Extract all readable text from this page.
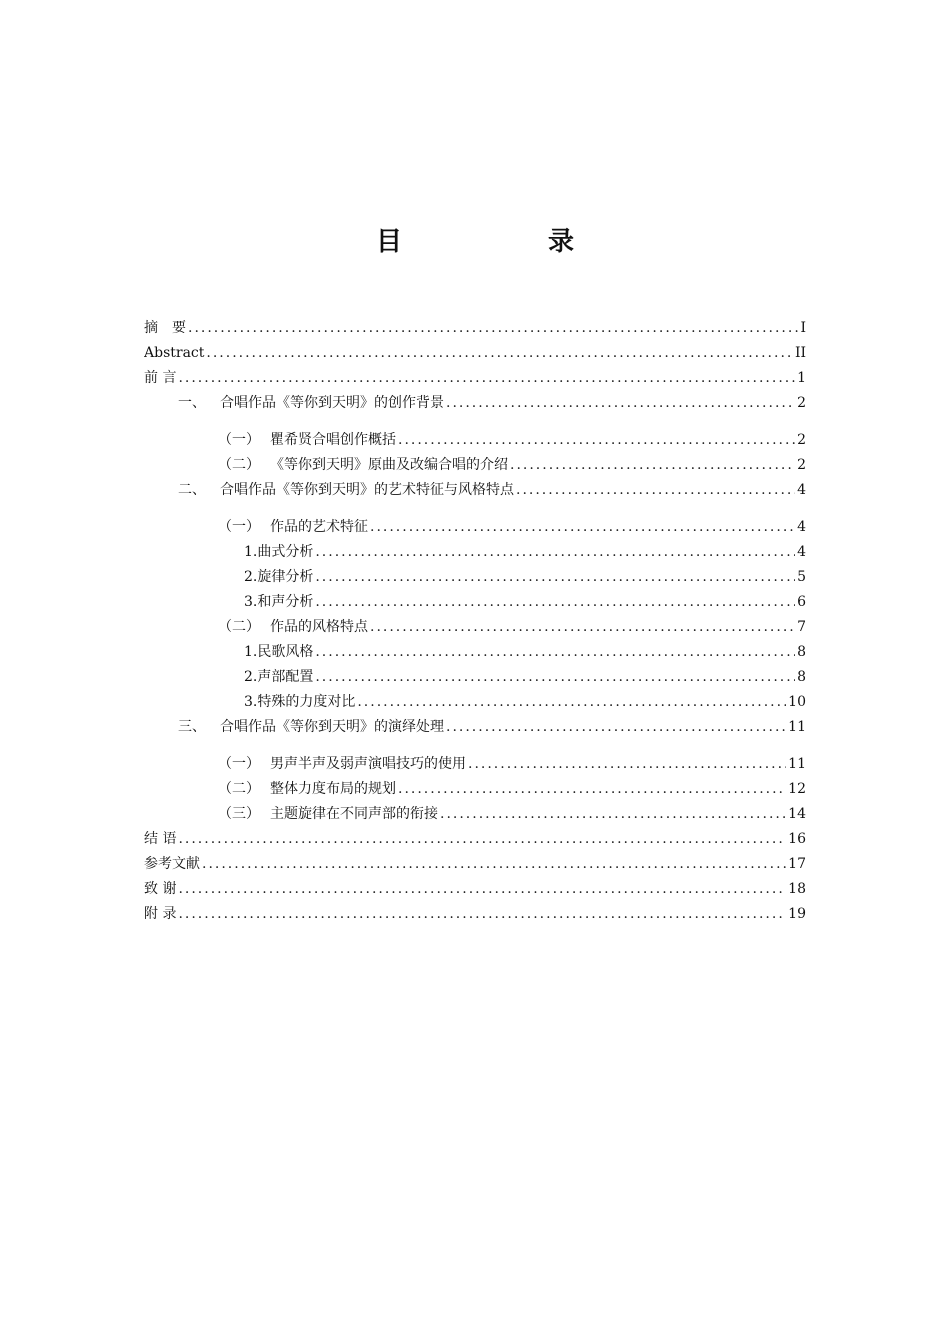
目　录
摘　要 .....	I
Abstract .....	II
前 言 .....	1
一、 合唱作品《等你到天明》的创作背景 .....	2
（一） 瞿希贤合唱创作概括 .....	2
（二） 《等你到天明》原曲及改编合唱的介绍 .....	2
二、 合唱作品《等你到天明》的艺术特征与风格特点 .....	4
（一） 作品的艺术特征 .....	4
1.曲式分析 .....	4
2.旋律分析 .....	5
3.和声分析 .....	6
（二） 作品的风格特点 .....	7
1.民歌风格 .....	8
2.声部配置 .....	8
3.特殊的力度对比 .....	10
三、 合唱作品《等你到天明》的演绎处理 .....	11
（一） 男声半声及弱声演唱技巧的使用 .....	11
（二） 整体力度布局的规划 .....	12
（三） 主题旋律在不同声部的衔接 .....	14
结 语 .....	16
参考文献 .....	17
致 谢 .....	18
附 录 .....	19
